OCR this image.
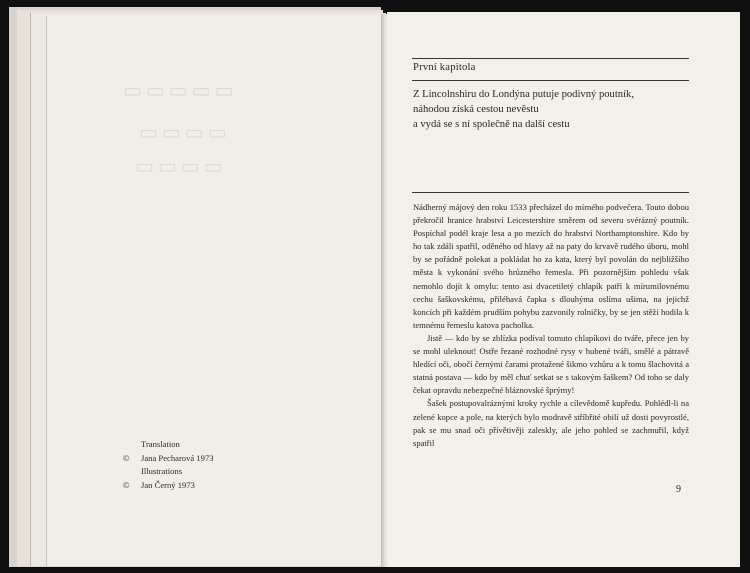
▭▭▭▭▭
▭▭▭▭
▭▭▭▭
Translation
© Jana Pecharová 1973
Illustrations
© Jan Černý 1973
První kapitola
Z Lincolnshiru do Londýna putuje podivný poutník,
náhodou získá cestou nevěstu
a vydá se s ní společně na další cestu

Nádherný májový den roku 1533 přecházel do mírného podvečera. Touto dobou překročil hranice hrabství Leicestershire směrem od severu svérázný poutník. Pospíchal podél kraje lesa a po mezích do hrabství Northamptonshire. Kdo by ho tak zdáli spatřil, oděného od hlavy až na paty do krvavě rudého úboru, mohl by se pořádně polekat a pokládat ho za kata, který byl povolán do nejbližšího města k vykonání svého hrůzného řemesla. Při pozornějším pohledu však nemohlo dojít k omylu: tento asi dvacetiletý chlapík patří k mírumilovnému cechu šaškovskému, přiléhavá čapka s dlouhýma oslíma ušima, na jejichž koncích při každém prudším pohybu zazvonily rolničky, by se jen stěží hodila k temnému řemeslu katova pacholka.

Jistě — kdo by se zblízka podíval tomuto chlapíkovi do tváře, přece jen by se mohl uleknout! Ostře řezané rozhodné rysy v hubené tváři, smělé a pátravě hledící oči, obočí černými čarami protažené šikmo vzhůru a k tomu šlachovitá a statná postava — kdo by měl chuť setkat se s takovým šaškem? Od toho se daly čekat opravdu nebezpečné bláznovské šprýmy!

Šašek postupovalráznými kroky rychle a cílevědomě kupředu. Pohlédl-li na zelené kopce a pole, na kterých bylo modravě stříbřité obilí už dosti povyrostlé, pak se mu snad oči přívětivěji zaleskly, ale jeho pohled se zachmuřil, když spatřil

9
